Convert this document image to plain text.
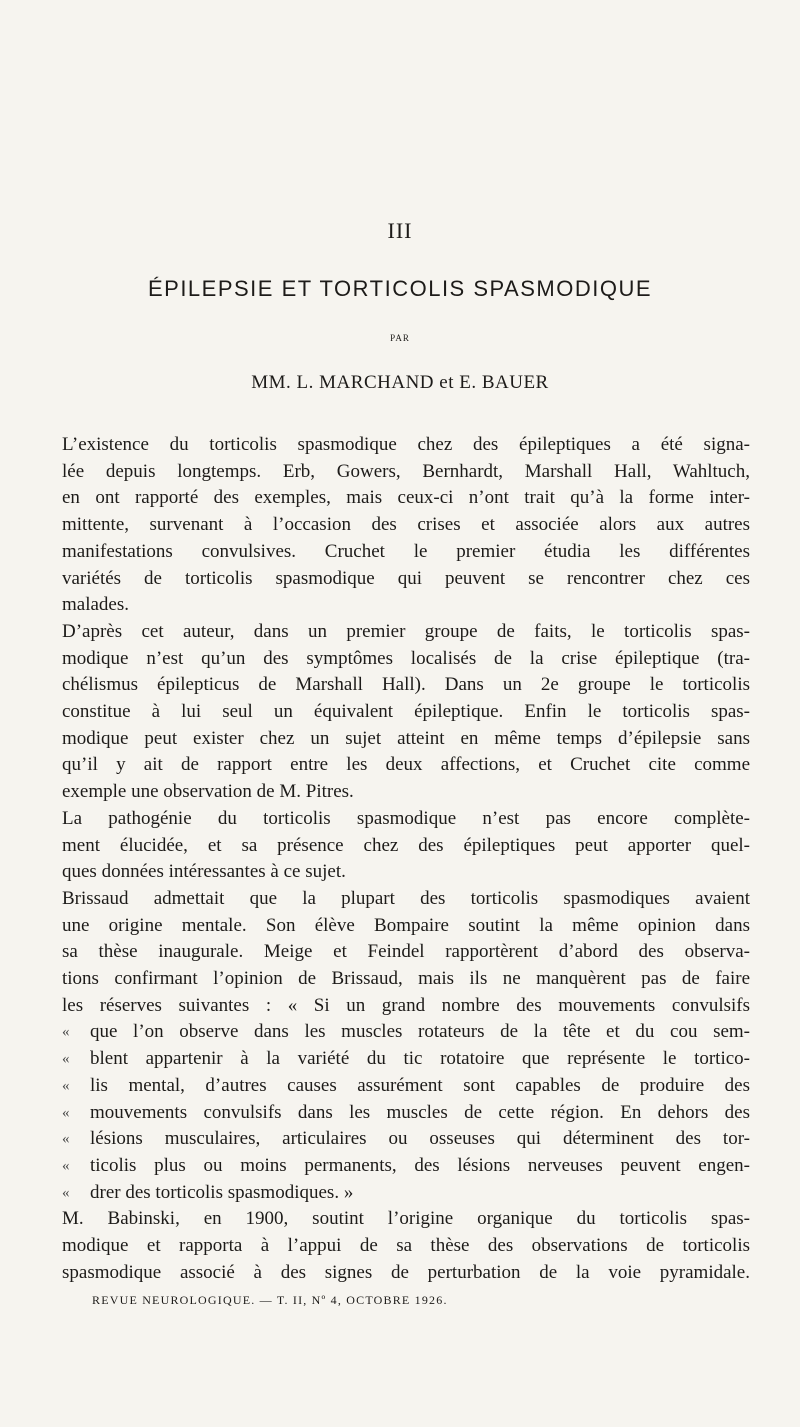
III
ÉPILEPSIE ET TORTICOLIS SPASMODIQUE
PAR
MM. L. MARCHAND et E. BAUER
L’existence du torticolis spasmodique chez des épileptiques a été signa-
lée depuis longtemps. Erb, Gowers, Bernhardt, Marshall Hall, Wahltuch,
en ont rapporté des exemples, mais ceux-ci n’ont trait qu’à la forme inter-
mittente, survenant à l’occasion des crises et associée alors aux autres
manifestations convulsives. Cruchet le premier étudia les différentes
variétés de torticolis spasmodique qui peuvent se rencontrer chez ces
malades.
D’après cet auteur, dans un premier groupe de faits, le torticolis spas-
modique n’est qu’un des symptômes localisés de la crise épileptique (tra-
chélismus épilepticus de Marshall Hall). Dans un 2e groupe le torticolis
constitue à lui seul un équivalent épileptique. Enfin le torticolis spas-
modique peut exister chez un sujet atteint en même temps d’épilepsie sans
qu’il y ait de rapport entre les deux affections, et Cruchet cite comme
exemple une observation de M. Pitres.
La pathogénie du torticolis spasmodique n’est pas encore complète-
ment élucidée, et sa présence chez des épileptiques peut apporter quel-
ques données intéressantes à ce sujet.
Brissaud admettait que la plupart des torticolis spasmodiques avaient
une origine mentale. Son élève Bompaire soutint la même opinion dans
sa thèse inaugurale. Meige et Feindel rapportèrent d’abord des observa-
tions confirmant l’opinion de Brissaud, mais ils ne manquèrent pas de faire
les réserves suivantes : « Si un grand nombre des mouvements convulsifs
«	que l’on observe dans les muscles rotateurs de la tête et du cou sem-
«	blent appartenir à la variété du tic rotatoire que représente le tortico-
«	lis mental, d’autres causes assurément sont capables de produire des
«	mouvements convulsifs dans les muscles de cette région. En dehors des
«	lésions musculaires, articulaires ou osseuses qui déterminent des tor-
«	ticolis plus ou moins permanents, des lésions nerveuses peuvent engen-
«	drer des torticolis spasmodiques. »
M. Babinski, en 1900, soutint l’origine organique du torticolis spas-
modique et rapporta à l’appui de sa thèse des observations de torticolis
spasmodique associé à des signes de perturbation de la voie pyramidale.
REVUE NEUROLOGIQUE. — T. II, Nº 4, OCTOBRE 1926.
